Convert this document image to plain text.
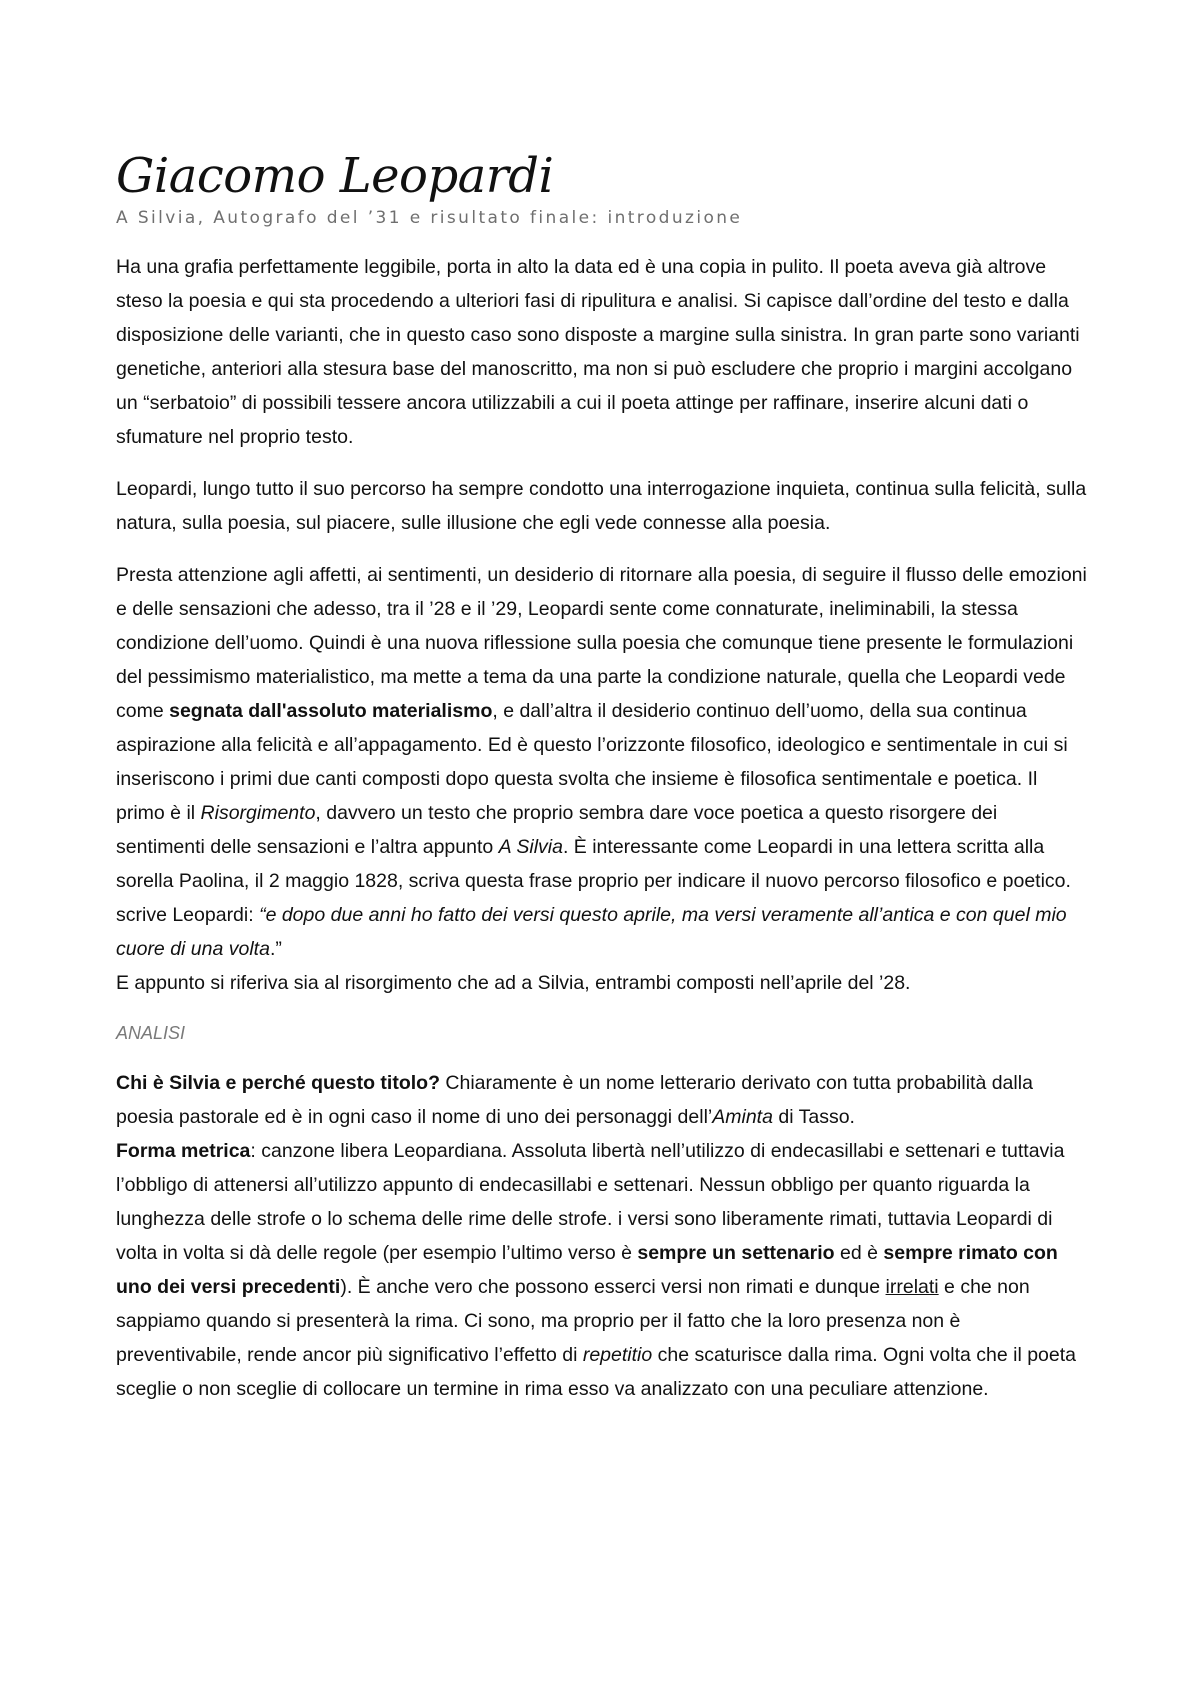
Giacomo Leopardi
A Silvia, Autografo del ’31 e risultato finale: introduzione

Ha una grafia perfettamente leggibile, porta in alto la data ed è una copia in pulito. Il poeta aveva già altrove steso la poesia e qui sta procedendo a ulteriori fasi di ripulitura e analisi. Si capisce dall’ordine del testo e dalla disposizione delle varianti, che in questo caso sono disposte a margine sulla sinistra. In gran parte sono varianti genetiche, anteriori alla stesura base del manoscritto, ma non si può escludere che proprio i margini accolgano un “serbatoio” di possibili tessere ancora utilizzabili a cui il poeta attinge per raffinare, inserire alcuni dati o sfumature nel proprio testo.

Leopardi, lungo tutto il suo percorso ha sempre condotto una interrogazione inquieta, continua sulla felicità, sulla natura, sulla poesia, sul piacere, sulle illusione che egli vede connesse alla poesia.

Presta attenzione agli affetti, ai sentimenti, un desiderio di ritornare alla poesia, di seguire il flusso delle emozioni e delle sensazioni che adesso, tra il ’28 e il ’29, Leopardi sente come connaturate, ineliminabili, la stessa condizione dell’uomo. Quindi è una nuova riflessione sulla poesia che comunque tiene presente le formulazioni del pessimismo materialistico, ma mette a tema da una parte la condizione naturale, quella che Leopardi vede come segnata dall'assoluto materialismo, e dall’altra il desiderio continuo dell’uomo, della sua continua aspirazione alla felicità e all’appagamento. Ed è questo l’orizzonte filosofico, ideologico e sentimentale in cui si inseriscono i primi due canti composti dopo questa svolta che insieme è filosofica sentimentale e poetica. Il primo è il Risorgimento, davvero un testo che proprio sembra dare voce poetica a questo risorgere dei sentimenti delle sensazioni e l’altra appunto A Silvia. È interessante come Leopardi in una lettera scritta alla sorella Paolina, il 2 maggio 1828, scriva questa frase proprio per indicare il nuovo percorso filosofico e poetico. scrive Leopardi: “e dopo due anni ho fatto dei versi questo aprile, ma versi veramente all’antica e con quel mio cuore di una volta.”

E appunto si riferiva sia al risorgimento che ad a Silvia, entrambi composti nell’aprile del ’28.

ANALISI

Chi è Silvia e perché questo titolo? Chiaramente è un nome letterario derivato con tutta probabilità dalla poesia pastorale ed è in ogni caso il nome di uno dei personaggi dell’Aminta di Tasso.

Forma metrica: canzone libera Leopardiana. Assoluta libertà nell’utilizzo di endecasillabi e settenari e tuttavia l’obbligo di attenersi all’utilizzo appunto di endecasillabi e settenari. Nessun obbligo per quanto riguarda la lunghezza delle strofe o lo schema delle rime delle strofe. i versi sono liberamente rimati, tuttavia Leopardi di volta in volta si dà delle regole (per esempio l’ultimo verso è sempre un settenario ed è sempre rimato con uno dei versi precedenti). È anche vero che possono esserci versi non rimati e dunque irrelati e che non sappiamo quando si presenterà la rima. Ci sono, ma proprio per il fatto che la loro presenza non è preventivabile, rende ancor più significativo l’effetto di repetitio che scaturisce dalla rima. Ogni volta che il poeta sceglie o non sceglie di collocare un termine in rima esso va analizzato con una peculiare attenzione.
